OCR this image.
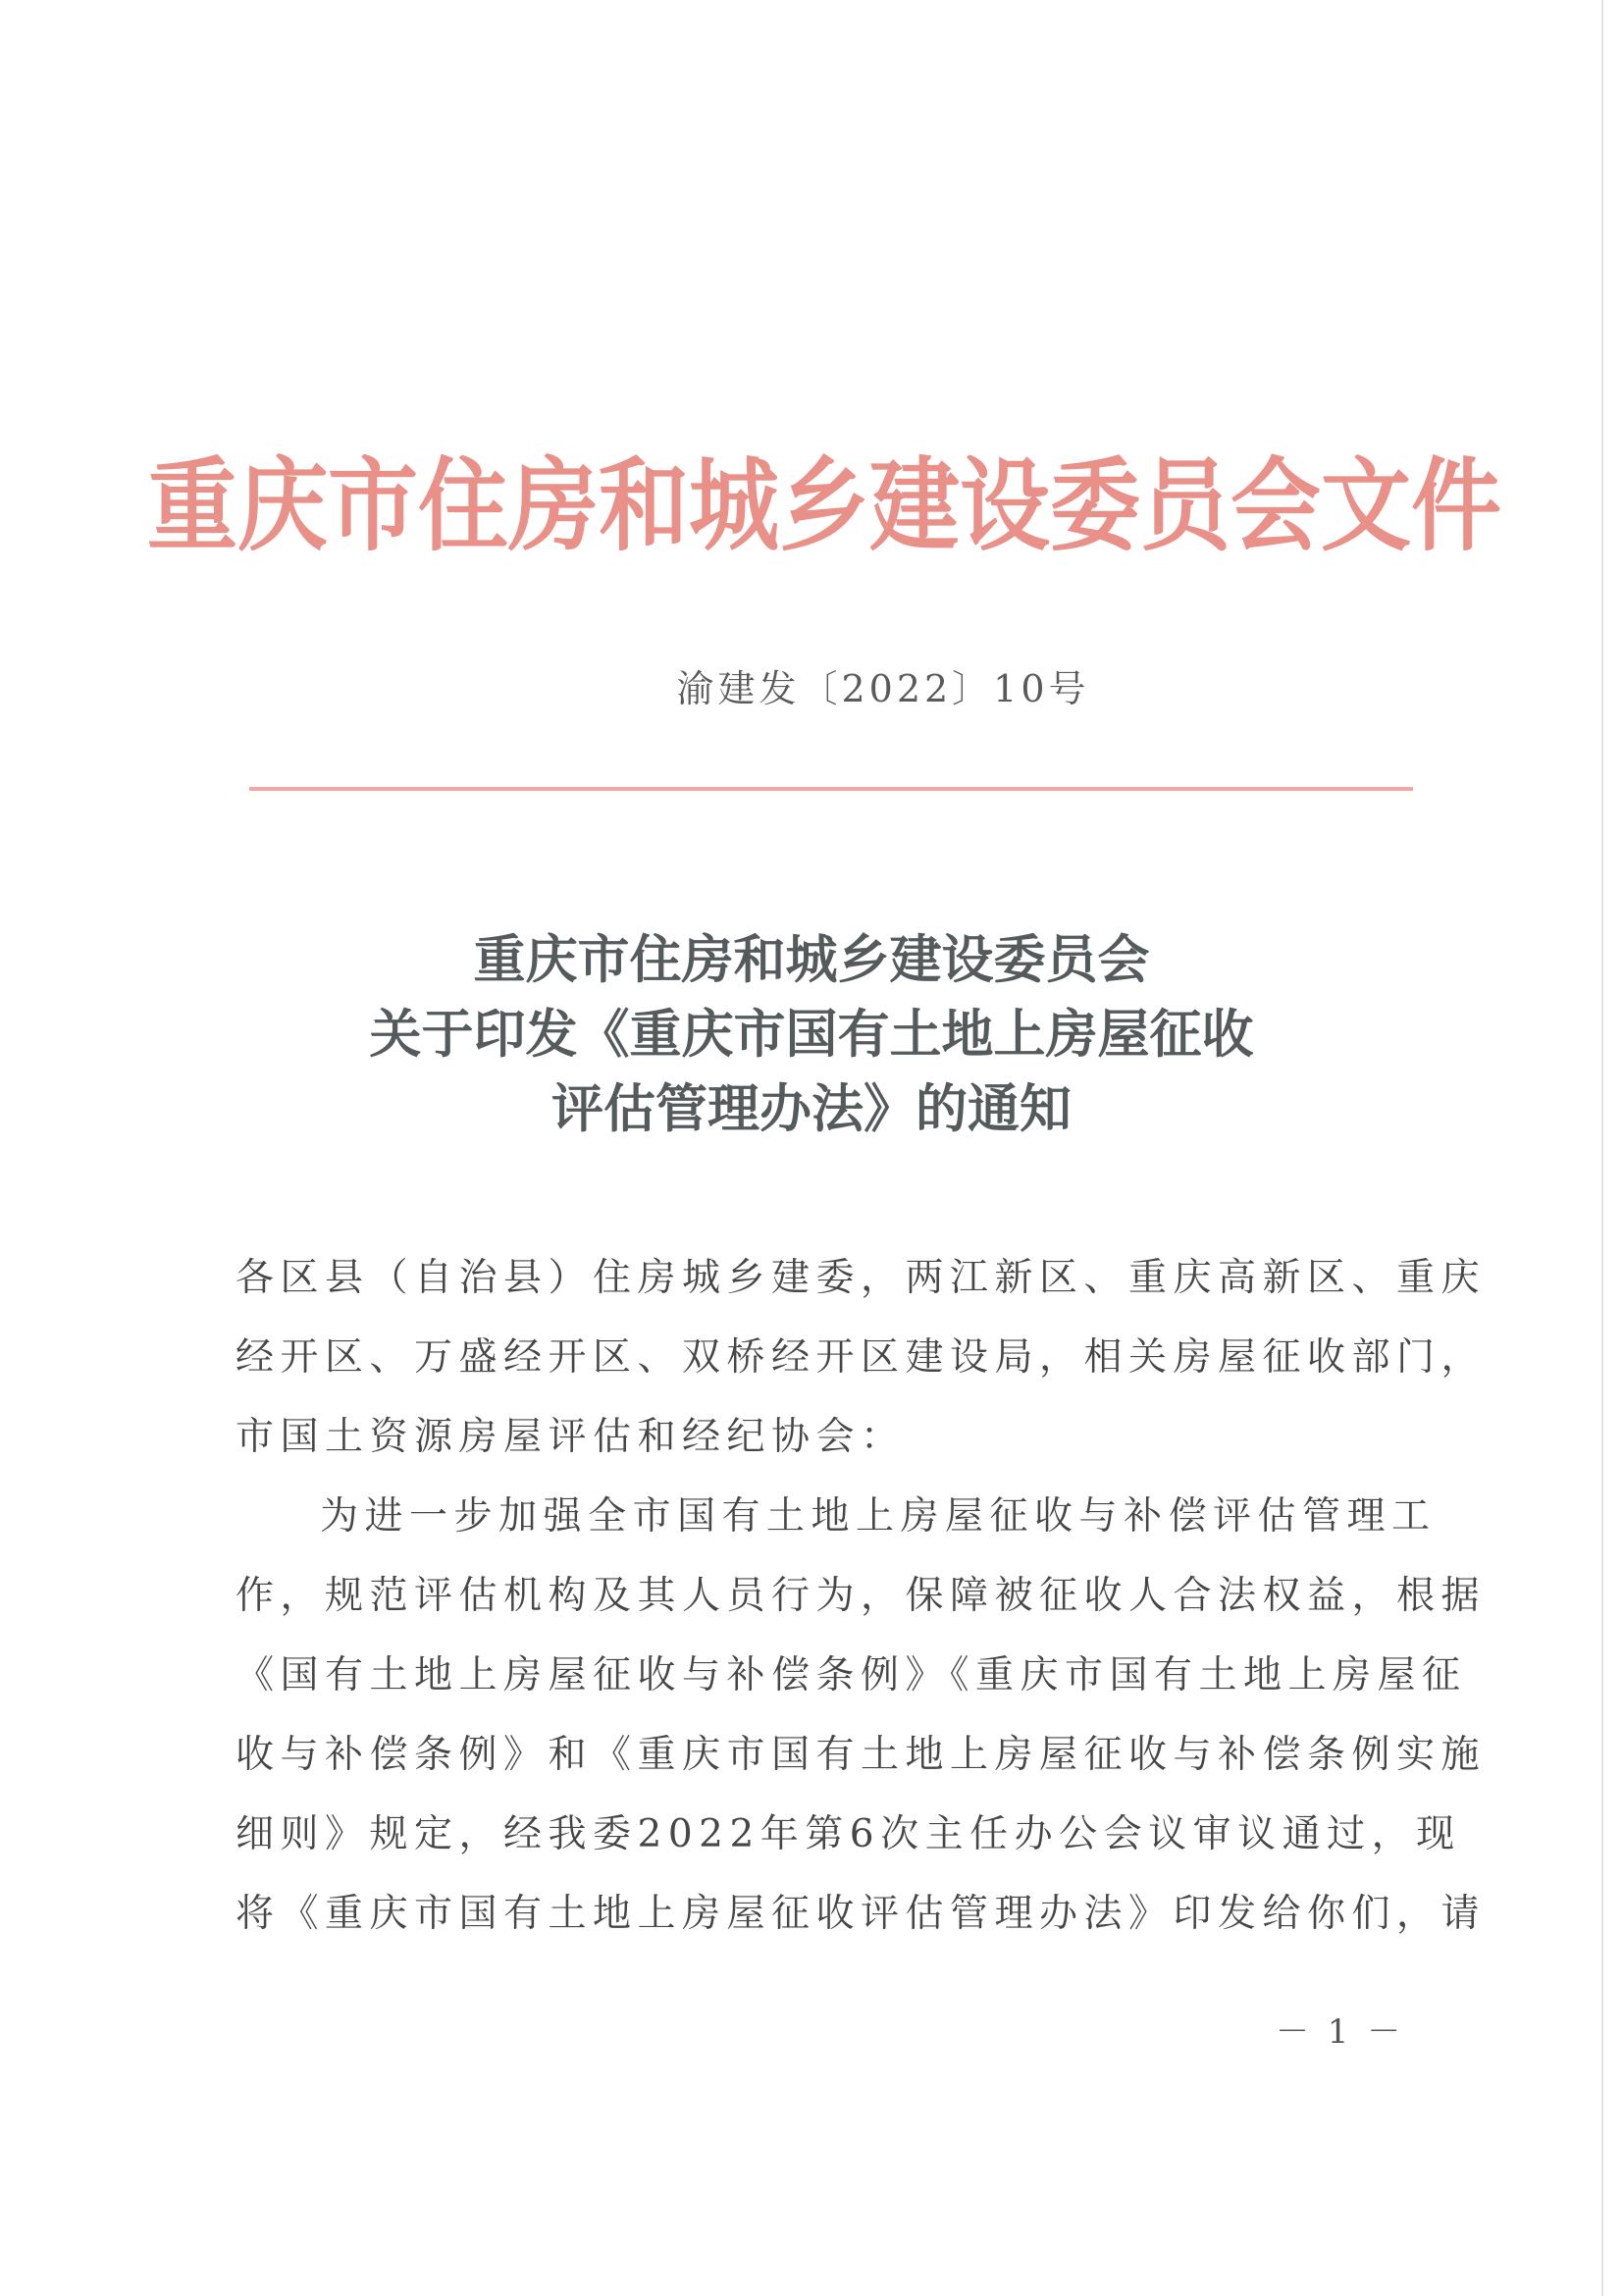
重庆市住房和城乡建设委员会文件
渝建发〔2022〕10号
重庆市住房和城乡建设委员会
关于印发《重庆市国有土地上房屋征收
评估管理办法》的通知
各区县（自治县）住房城乡建委，两江新区、重庆高新区、重庆
经开区、万盛经开区、双桥经开区建设局，相关房屋征收部门，
市国土资源房屋评估和经纪协会：
为进一步加强全市国有土地上房屋征收与补偿评估管理工
作，规范评估机构及其人员行为，保障被征收人合法权益，根据
《国有土地上房屋征收与补偿条例》《重庆市国有土地上房屋征
收与补偿条例》和《重庆市国有土地上房屋征收与补偿条例实施
细则》规定，经我委2022年第6次主任办公会议审议通过，现
将《重庆市国有土地上房屋征收评估管理办法》印发给你们，请
－ 1 －
